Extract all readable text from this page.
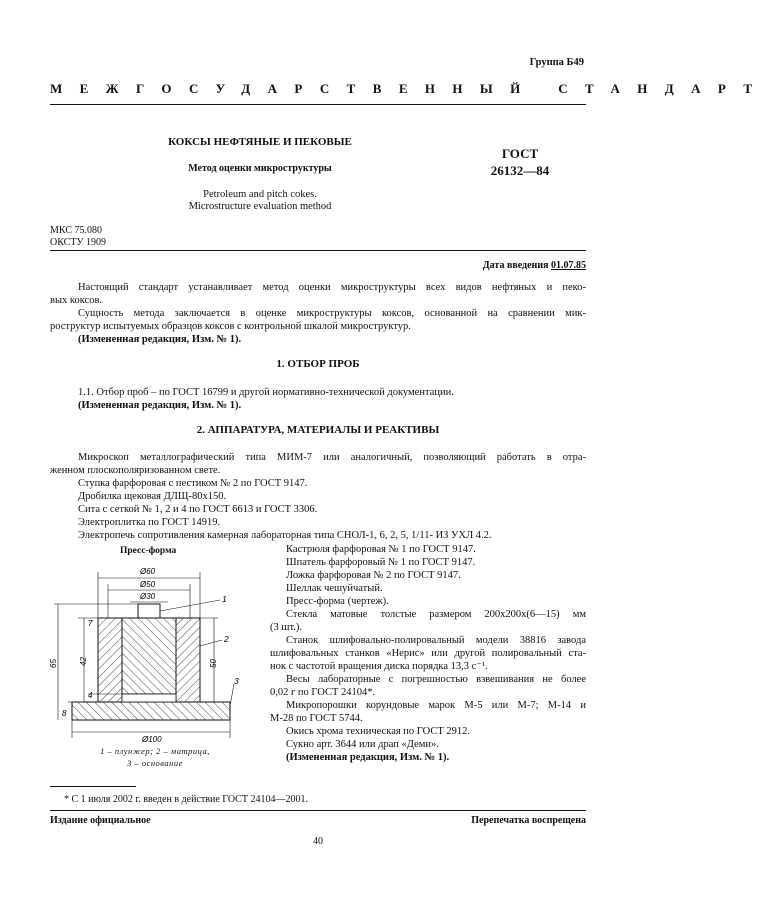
Группа Б49
МЕЖГОСУДАРСТВЕННЫЙ СТАНДАРТ
КОКСЫ НЕФТЯНЫЕ И ПЕКОВЫЕ
Метод оценки микроструктуры
Petroleum and pitch cokes.
Microstructure evaluation method
ГОСТ
26132—84
МКС 75.080
ОКСТУ 1909
Дата введения 01.07.85
Настоящий стандарт устанавливает метод оценки микроструктуры всех видов нефтяных и пеко-
вых коксов.
Сущность метода заключается в оценке микроструктуры коксов, основанной на сравнении мик-
роструктур испытуемых образцов коксов с контрольной шкалой микроструктур.
(Измененная редакция, Изм. № 1).
1. ОТБОР ПРОБ
1.1. Отбор проб – по ГОСТ 16799 и другой нормативно-технической документации.
(Измененная редакция, Изм. № 1).
2. АППАРАТУРА, МАТЕРИАЛЫ И РЕАКТИВЫ
Микроскоп металлографический типа МИМ-7 или аналогичный, позволяющий работать в отра-
женном плоскополяризованном свете.
Ступка фарфоровая с пестиком № 2 по ГОСТ 9147.
Дробилка щековая ДЛЩ-80х150.
Сита с сеткой № 1, 2 и 4 по ГОСТ 6613 и ГОСТ 3306.
Электроплитка по ГОСТ 14919.
Электропечь сопротивления камерная лабораторная типа СНОЛ-1, 6, 2, 5, 1/11- ИЗ УХЛ 4.2.
Кастрюля фарфоровая № 1 по ГОСТ 9147.
Шпатель фарфоровый № 1 по ГОСТ 9147.
Ложка фарфоровая № 2 по ГОСТ 9147.
Шеллак чешуйчатый.
Пресс-форма (чертеж).
Стекла матовые толстые размером 200х200х(6—15) мм
(3 шт.).
Станок шлифовально-полировальный модели 38816 завода
шлифовальных станков «Нерис» или другой полировальный ста-
нок с частотой вращения диска порядка 13,3 с⁻¹.
Весы лабораторные с погрешностью взвешивания не более
0,02 г по ГОСТ 24104*.
Микропорошки корундовые марок М-5 или М-7; М-14 и
М-28 по ГОСТ 5744.
Окись хрома техническая по ГОСТ 2912.
Сукно арт. 3644 или драп «Деми».
(Измененная редакция, Изм. № 1).
Пресс-форма
Ø60
Ø50
Ø30
Ø100
7
42
65	50
4
8
1
2
3
1 – плунжер; 2 – матрица,
3 – основание
* С 1 июля 2002 г. введен в действие ГОСТ 24104—2001.
Издание официальное	Перепечатка воспрещена
40
